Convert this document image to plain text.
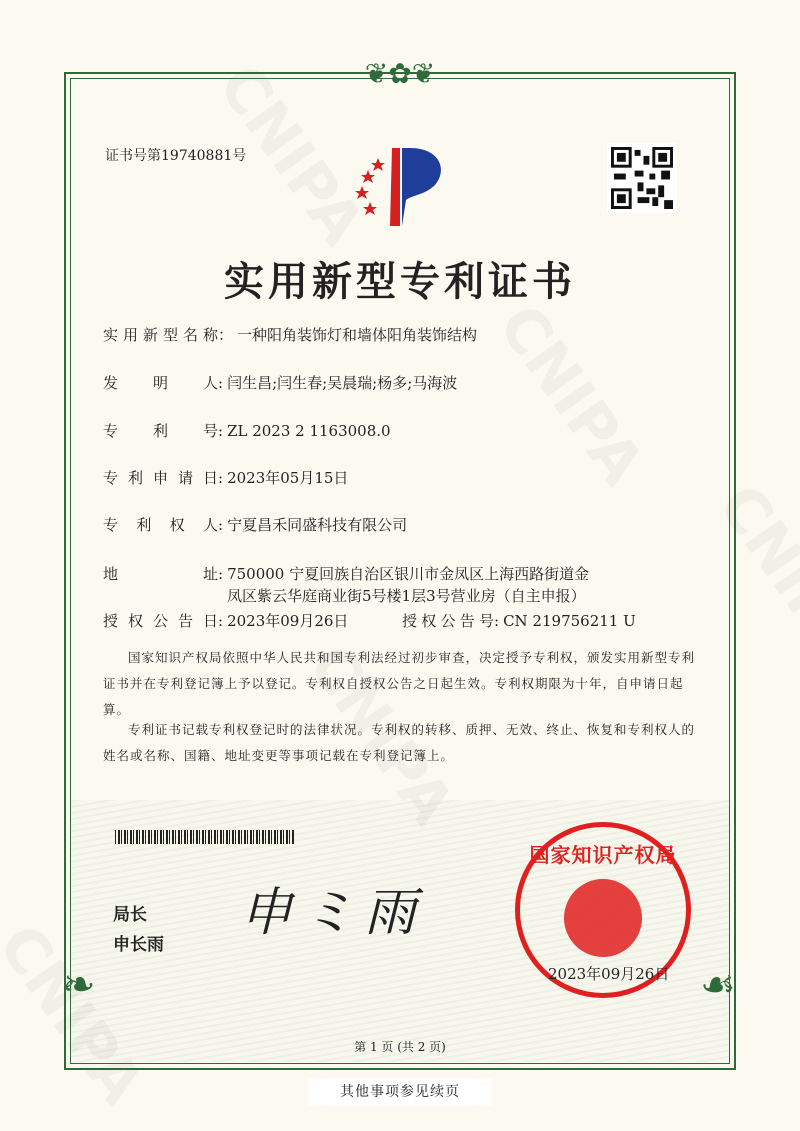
❦✿❦
❧	☙
证书号第19740881号
实用新型专利证书
实用新型名称： 一种阳角装饰灯和墙体阳角装饰结构
发明人: 闫生昌;闫生春;吴晨瑞;杨多;马海波
专利号: ZL 2023 2 1163008.0
专利申请日: 2023年05月15日
专利权人: 宁夏昌禾同盛科技有限公司
地址: 750000 宁夏回族自治区银川市金凤区上海西路街道金
凤区紫云华庭商业街5号楼1层3号营业房（自主申报）
授权公告日: 2023年09月26日	授权公告号: CN 219756211 U
国家知识产权局依照中华人民共和国专利法经过初步审查，决定授予专利权，颁发实用新型专利证书并在专利登记簿上予以登记。专利权自授权公告之日起生效。专利权期限为十年，自申请日起算。
专利证书记载专利权登记时的法律状况。专利权的转移、质押、无效、终止、恢复和专利权人的姓名或名称、国籍、地址变更等事项记载在专利登记簿上。
局长
申长雨
申ミ雨
国家知识产权局
2023年09月26日
第 1 页 (共 2 页)
其他事项参见续页
